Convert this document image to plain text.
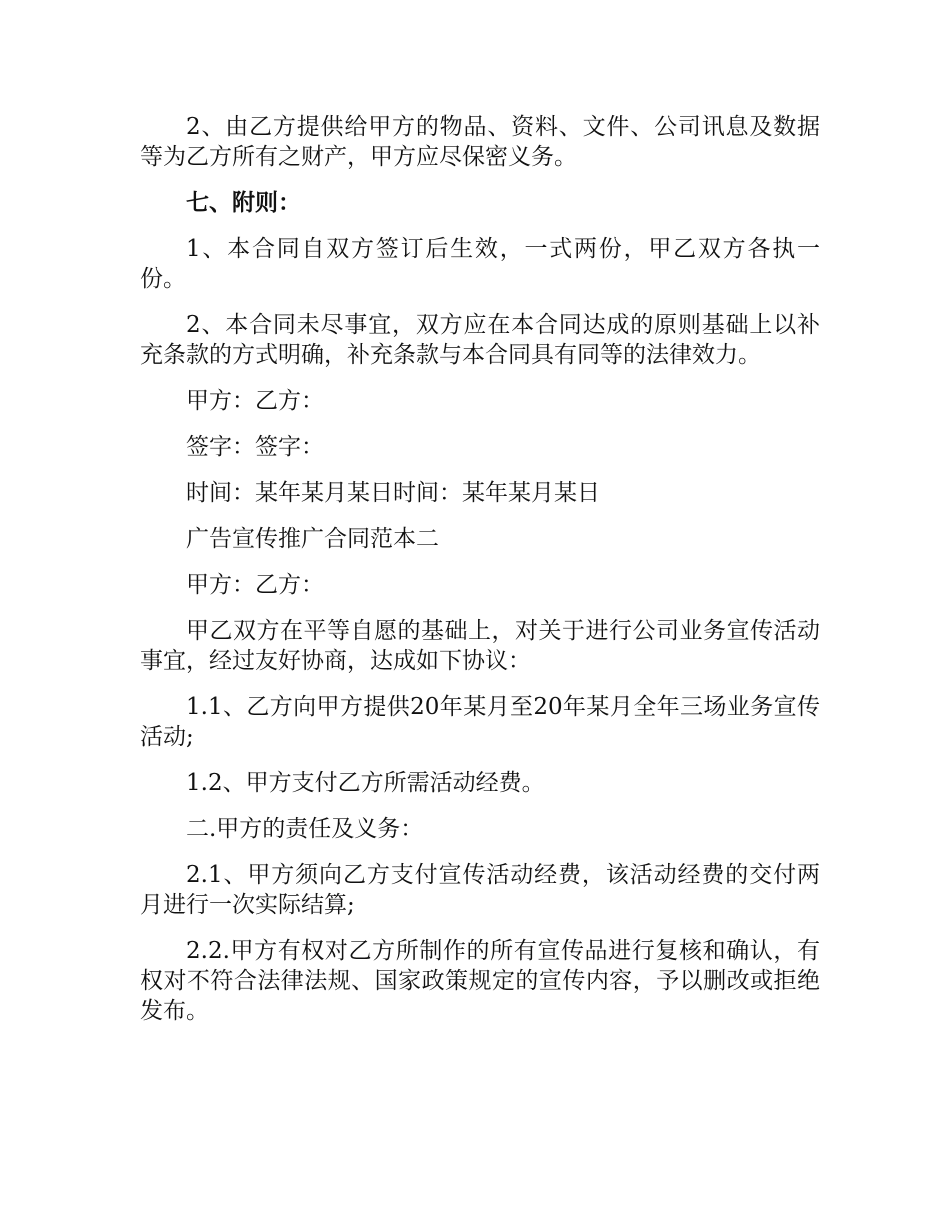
2、由乙方提供给甲方的物品、资料、文件、公司讯息及数据等为乙方所有之财产，甲方应尽保密义务。

七、附则：

1、本合同自双方签订后生效，一式两份，甲乙双方各执一份。

2、本合同未尽事宜，双方应在本合同达成的原则基础上以补充条款的方式明确，补充条款与本合同具有同等的法律效力。

甲方：乙方：

签字：签字：

时间：某年某月某日时间：某年某月某日

广告宣传推广合同范本二

甲方：乙方：

甲乙双方在平等自愿的基础上，对关于进行公司业务宣传活动事宜，经过友好协商，达成如下协议：

1.1、乙方向甲方提供20年某月至20年某月全年三场业务宣传活动;

1.2、甲方支付乙方所需活动经费。

二.甲方的责任及义务：

2.1、甲方须向乙方支付宣传活动经费，该活动经费的交付两月进行一次实际结算;

2.2.甲方有权对乙方所制作的所有宣传品进行复核和确认，有权对不符合法律法规、国家政策规定的宣传内容，予以删改或拒绝发布。
